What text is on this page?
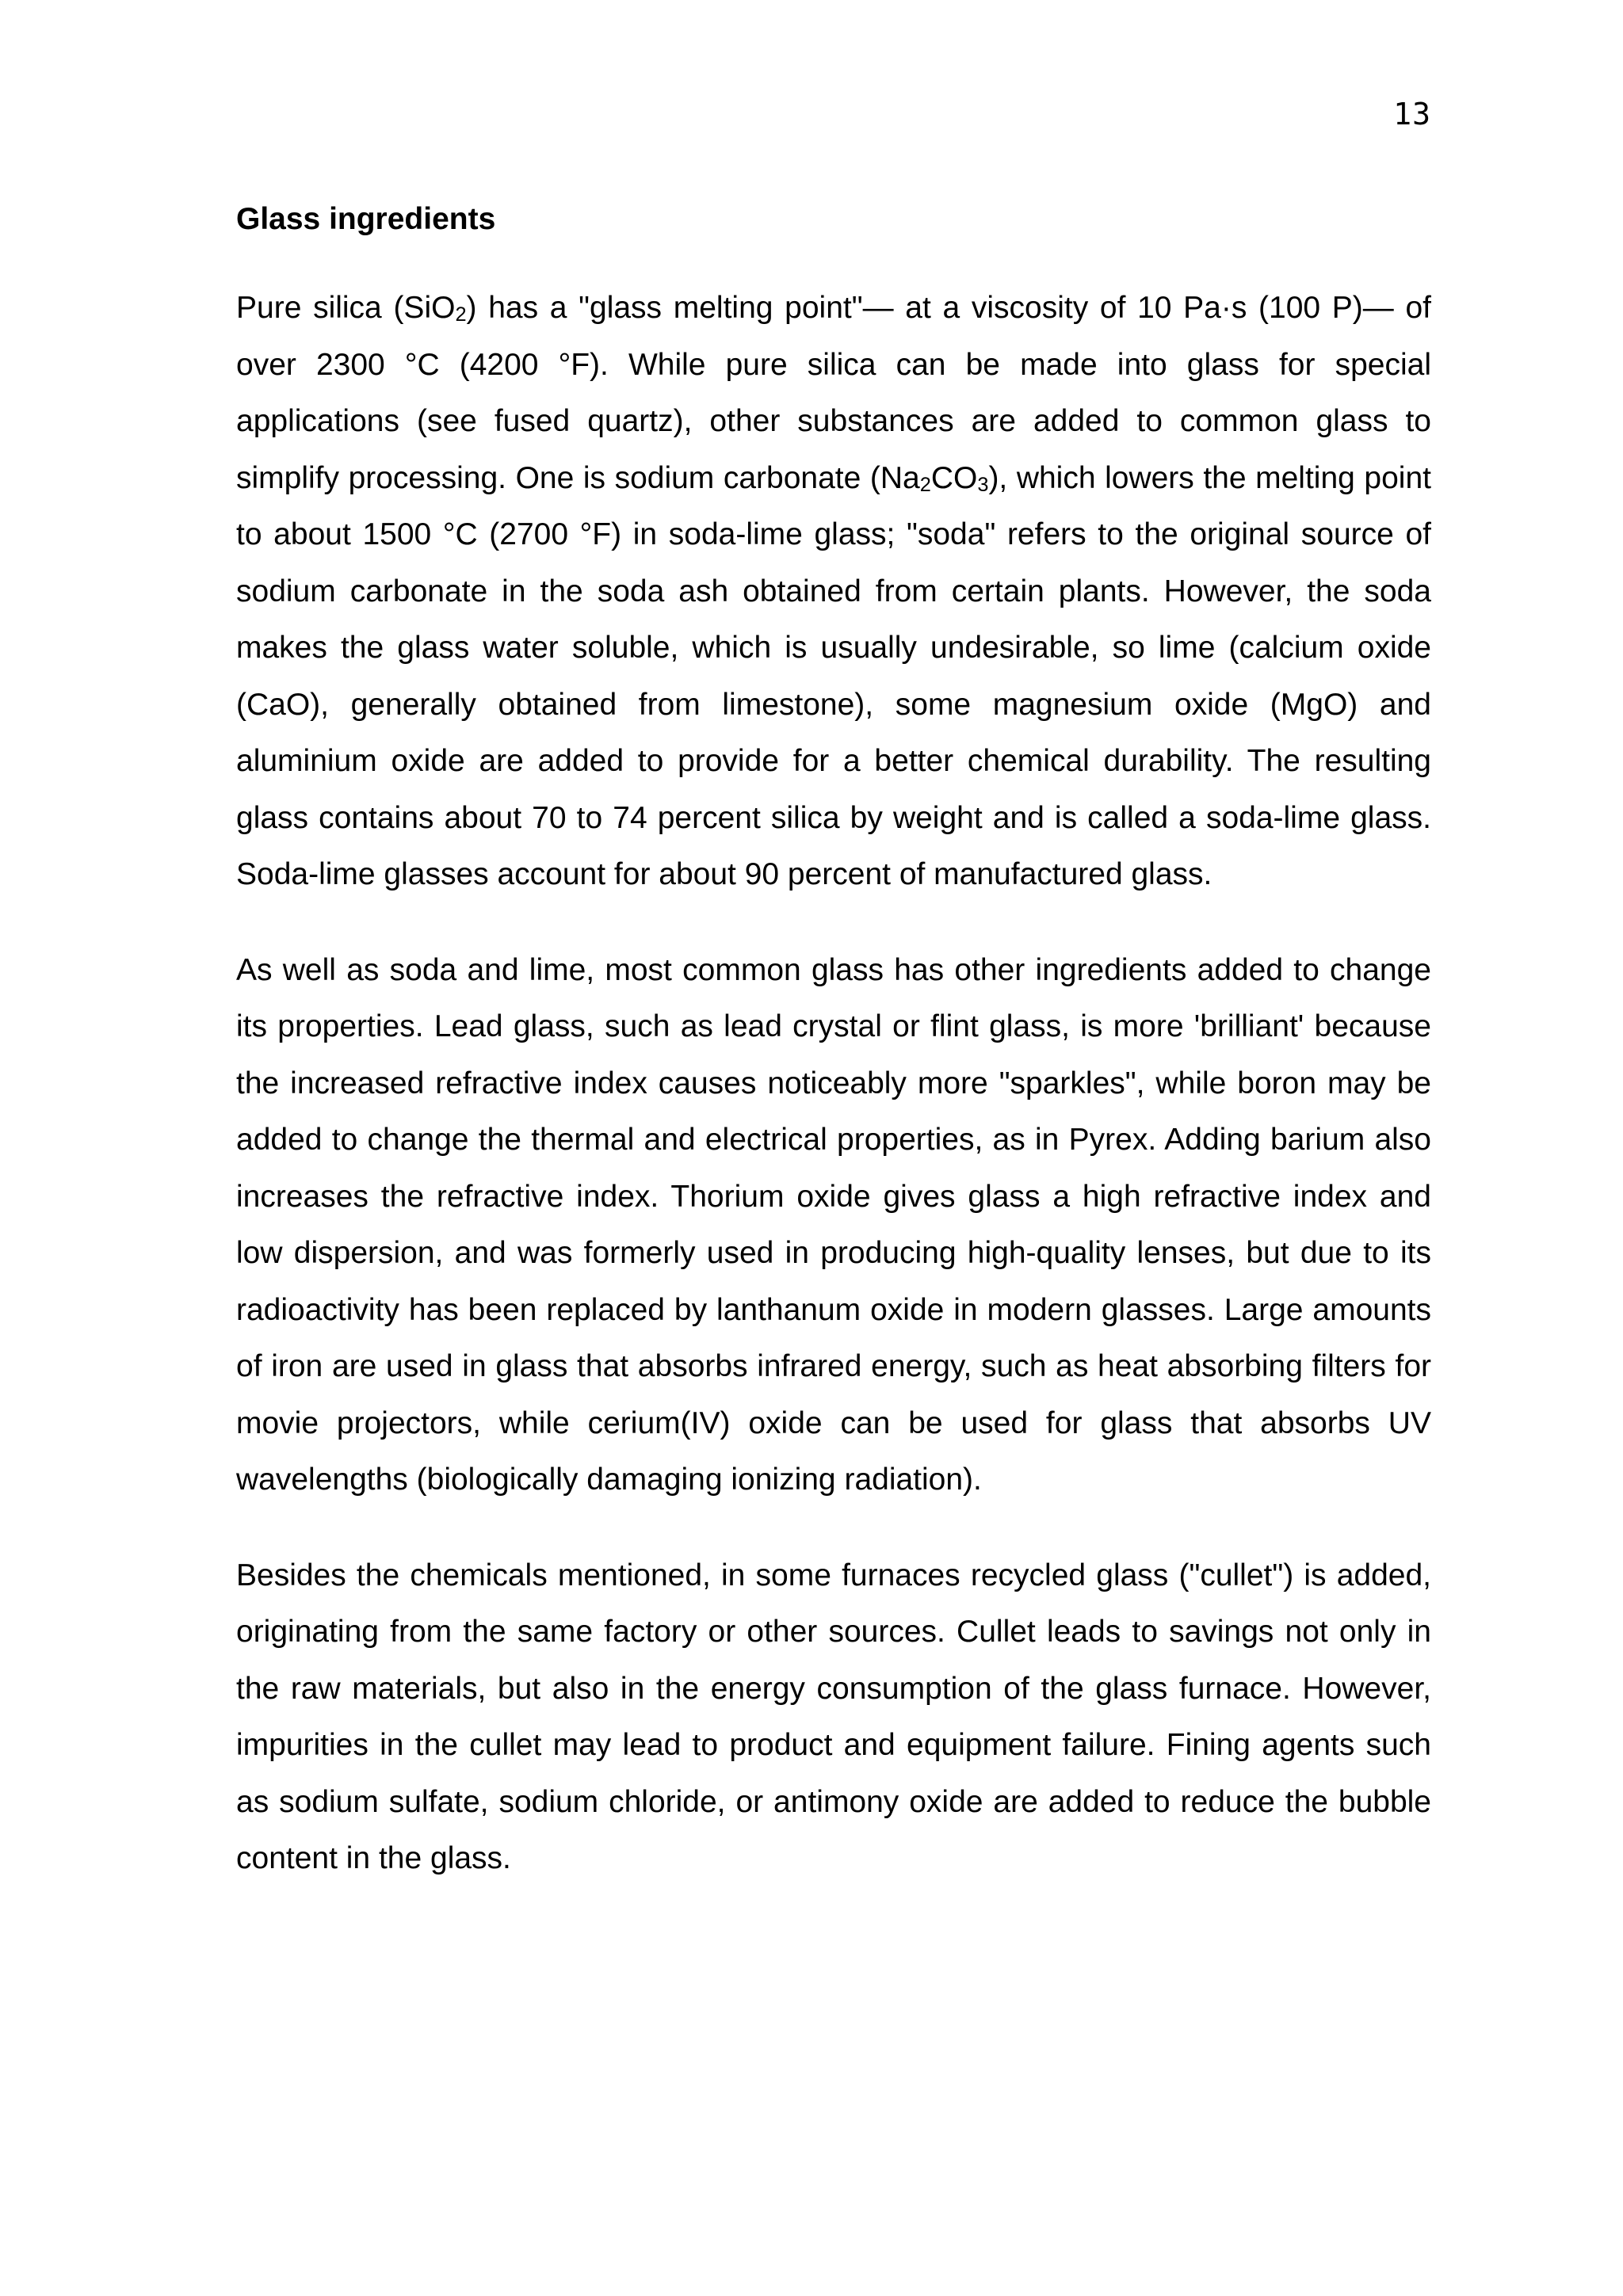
13
Glass ingredients

Pure silica (SiO$_2$) has a "glass melting point"— at a viscosity of 10 Pa·s (100 P)— of over 2300 °C (4200 °F). While pure silica can be made into glass for special applications (see fused quartz), other substances are added to common glass to simplify processing. One is sodium carbonate $(Na_2CO_3)$, which lowers the melting point to about 1500 °C (2700 °F) in soda-lime glass; "soda" refers to the original source of sodium carbonate in the soda ash obtained from certain plants. However, the soda makes the glass water soluble, which is usually undesirable, so lime (calcium oxide (CaO), generally obtained from limestone), some magnesium oxide (MgO) and aluminium oxide are added to provide for a better chemical durability. The resulting glass contains about 70 to 74 percent silica by weight and is called a soda-lime glass. Soda-lime glasses account for about 90 percent of manufactured glass.

As well as soda and lime, most common glass has other ingredients added to change its properties. Lead glass, such as lead crystal or flint glass, is more 'brilliant' because the increased refractive index causes noticeably more "sparkles", while boron may be added to change the thermal and electrical properties, as in Pyrex. Adding barium also increases the refractive index. Thorium oxide gives glass a high refractive index and low dispersion, and was formerly used in producing high-quality lenses, but due to its radioactivity has been replaced by lanthanum oxide in modern glasses. Large amounts of iron are used in glass that absorbs infrared energy, such as heat absorbing filters for movie projectors, while cerium(IV) oxide can be used for glass that absorbs UV wavelengths (biologically damaging ionizing radiation).

Besides the chemicals mentioned, in some furnaces recycled glass ("cullet") is added, originating from the same factory or other sources. Cullet leads to savings not only in the raw materials, but also in the energy consumption of the glass furnace. However, impurities in the cullet may lead to product and equipment failure. Fining agents such as sodium sulfate, sodium chloride, or antimony oxide are added to reduce the bubble content in the glass.
